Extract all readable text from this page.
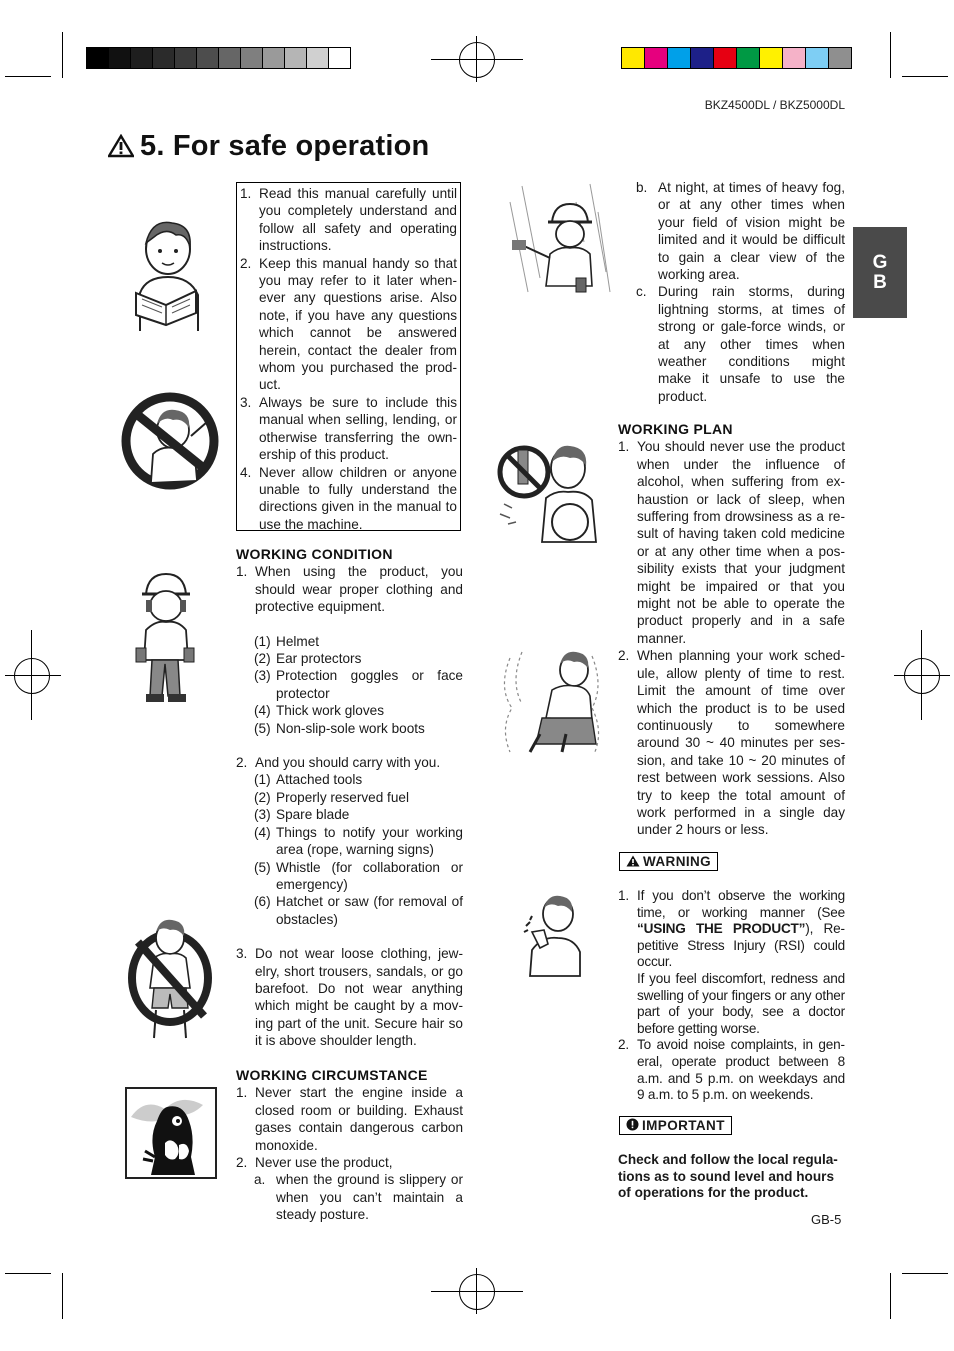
BKZ4500DL / BKZ5000DL
5. For safe operation
G
B
1. Read this manual carefully until you completely understand and follow all safety and operating instructions.
2. Keep this manual handy so that you may refer to it later whenever any questions arise. Also note, if you have any questions which cannot be answered herein, contact the dealer from whom you purchased the product.
3. Always be sure to include this manual when selling, lending, or otherwise transferring the ownership of this product.
4. Never allow children or anyone unable to fully understand the directions given in the manual to use the machine.
WORKING CONDITION
1. When using the product, you should wear proper clothing and protective equipment.
(1) Helmet
(2) Ear protectors
(3) Protection goggles or face protector
(4) Thick work gloves
(5) Non-slip-sole work boots
2. And you should carry with you.
(1) Attached tools
(2) Properly reserved fuel
(3) Spare blade
(4) Things to notify your working area (rope, warning signs)
(5) Whistle (for collaboration or emergency)
(6) Hatchet or saw (for removal of obstacles)
3. Do not wear loose clothing, jewelry, short trousers, sandals, or go barefoot. Do not wear anything which might be caught by a moving part of the unit. Secure hair so it is above shoulder length.
WORKING CIRCUMSTANCE
1. Never start the engine inside a closed room or building. Exhaust gases contain dangerous carbon monoxide.
2. Never use the product,
a. when the ground is slippery or when you can’t maintain a steady posture.
b. At night, at times of heavy fog, or at any other times when your field of vision might be limited and it would be difficult to gain a clear view of the working area.
c. During rain storms, during lightning storms, at times of strong or gale-force winds, or at any other times when weather conditions might make it unsafe to use the product.
WORKING PLAN
1. You should never use the product when under the influence of alcohol, when suffering from exhaustion or lack of sleep, when suffering from drowsiness as a result of having taken cold medicine or at any other time when a possibility exists that your judgment might be impaired or that you might not be able to operate the product properly and in a safe manner.
2. When planning your work schedule, allow plenty of time to rest. Limit the amount of time over which the product is to be used continuously to somewhere around 30 ~ 40 minutes per session, and take 10 ~ 20 minutes of rest between work sessions. Also try to keep the total amount of work performed in a single day under 2 hours or less.
WARNING
1. If you don’t observe the working time, or working manner (See “USING THE PRODUCT”), Repetitive Stress Injury (RSI) could occur.
If you feel discomfort, redness and swelling of your fingers or any other part of your body, see a doctor before getting worse.
2. To avoid noise complaints, in general, operate product between 8 a.m. and 5 p.m. on weekdays and 9 a.m. to 5 p.m. on weekends.
IMPORTANT
Check and follow the local regulations as to sound level and hours of operations for the product.
GB-5
